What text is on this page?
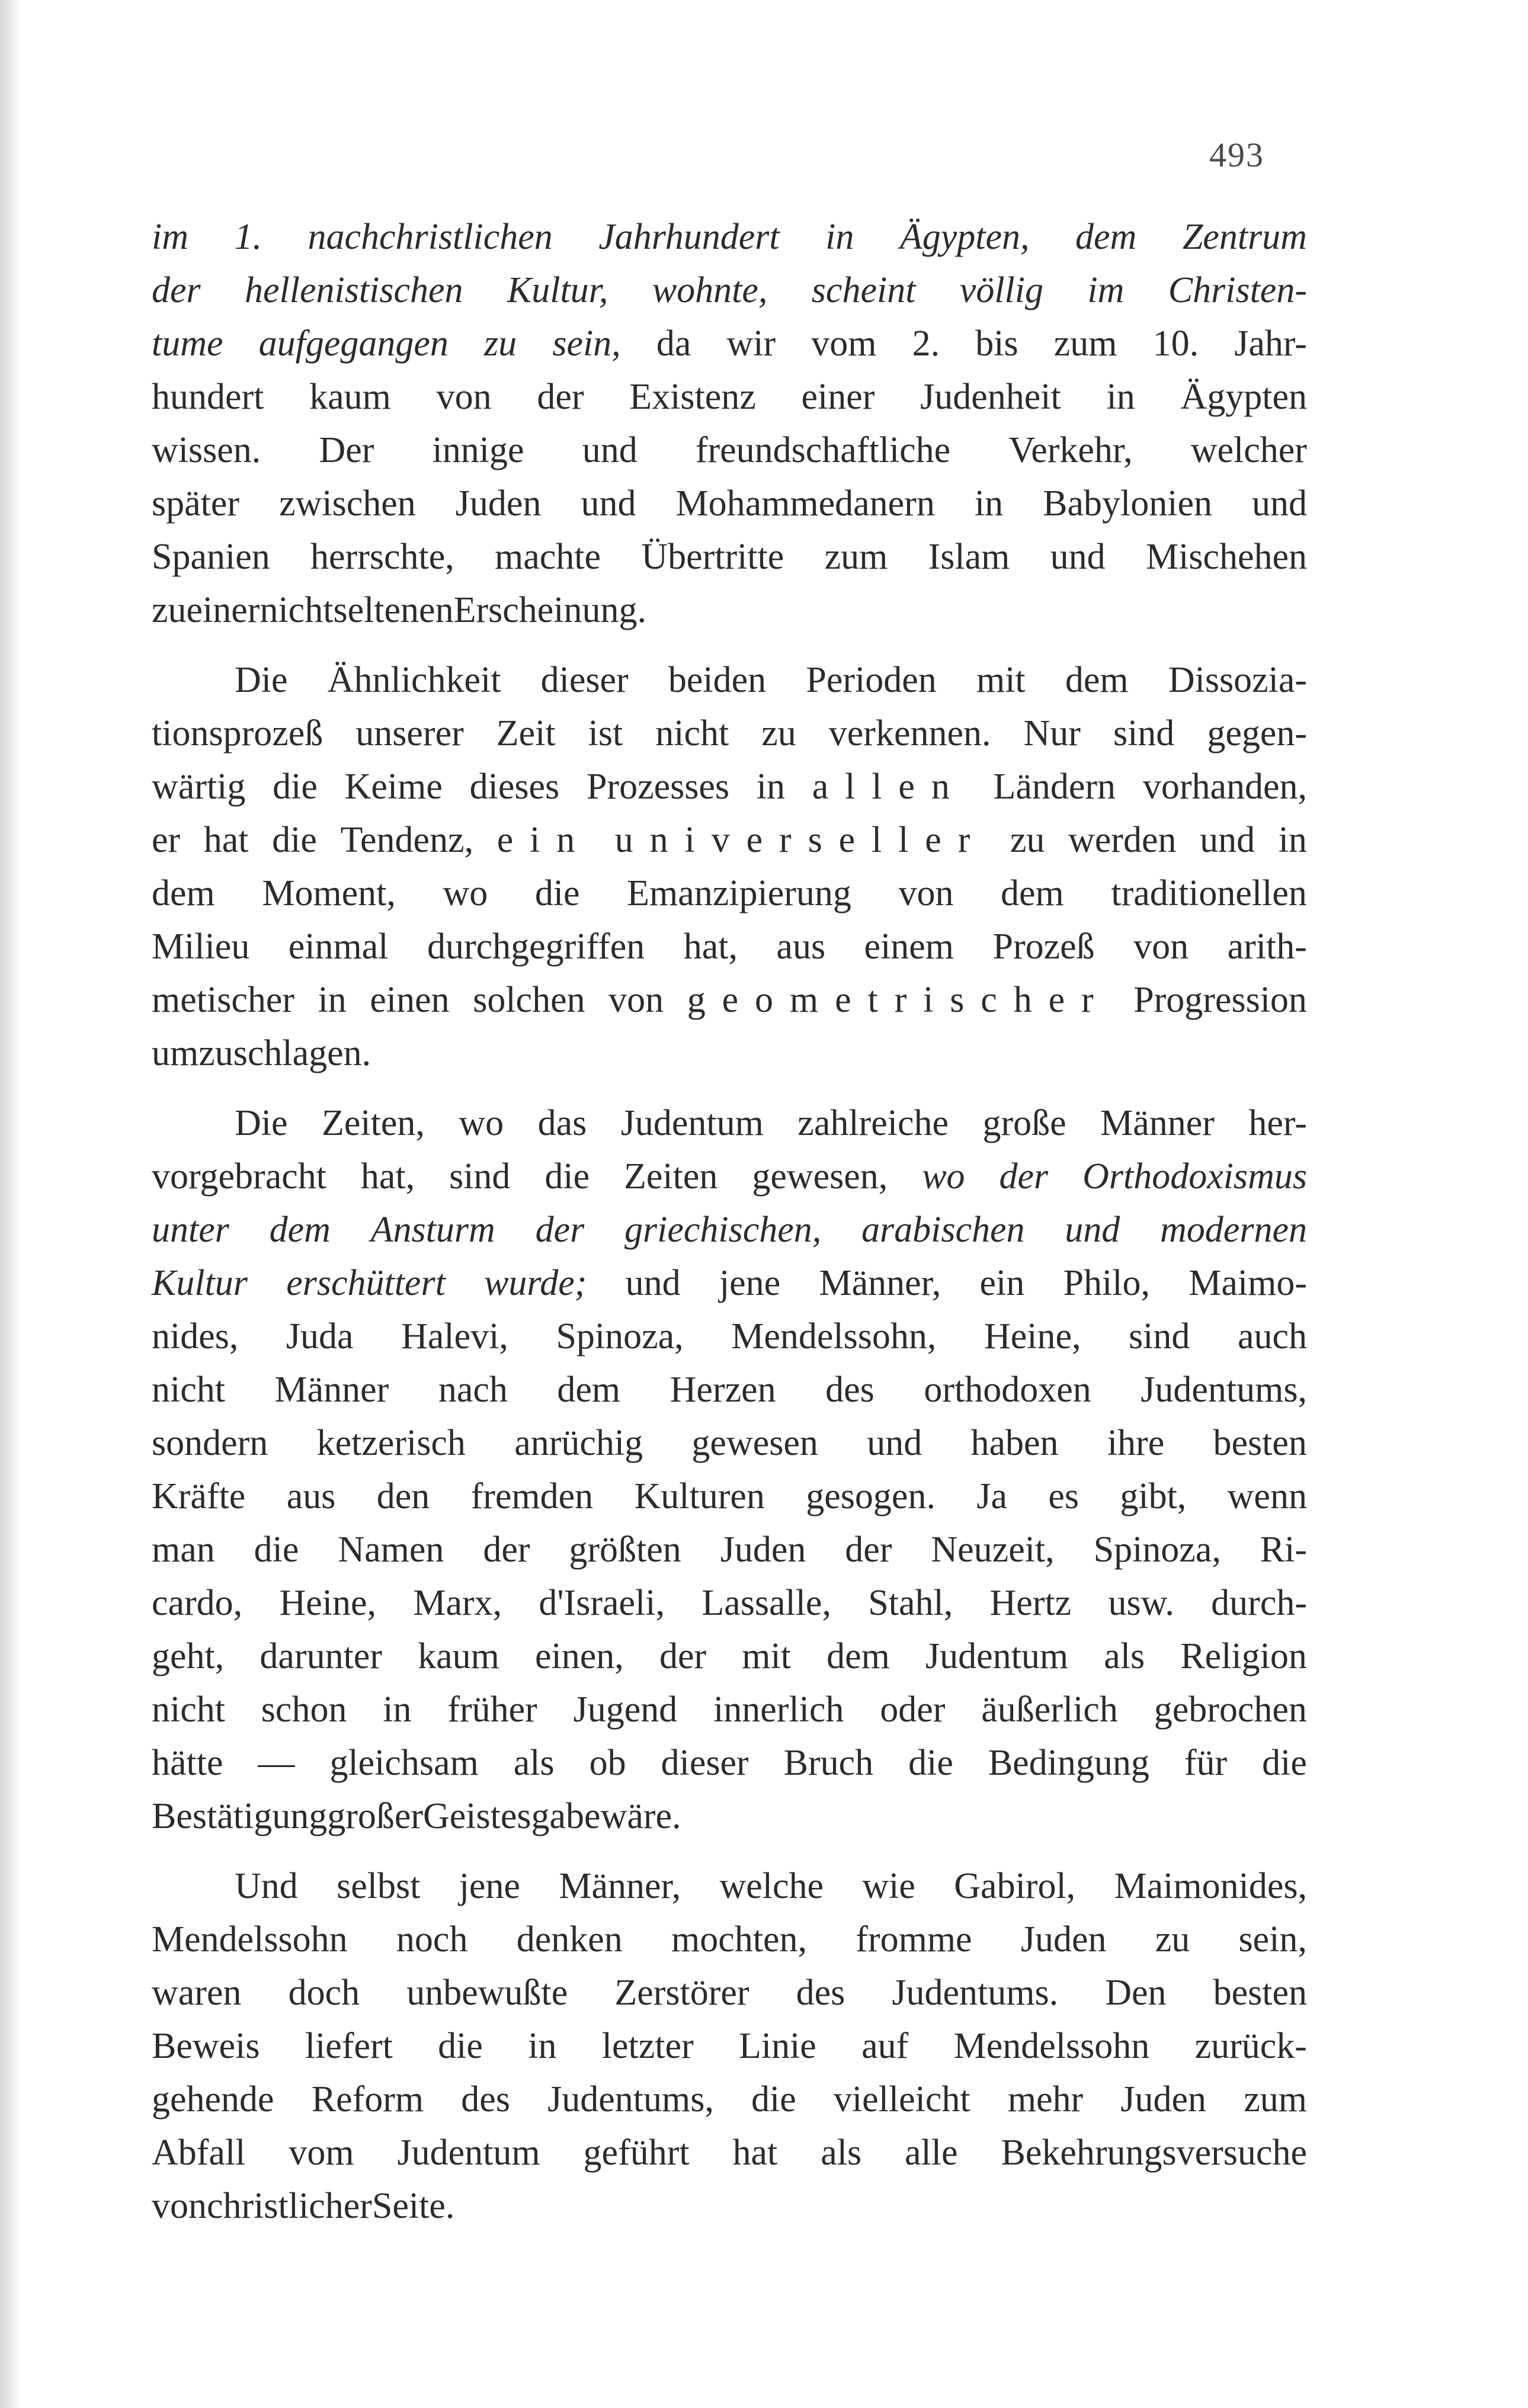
493
im 1. nachchristlichen Jahrhundert in Ägypten, dem Zentrum
der hellenistischen Kultur, wohnte, scheint völlig im Christen-
tume aufgegangen zu sein, da wir vom 2. bis zum 10. Jahr-
hundert kaum von der Existenz einer Judenheit in Ägypten
wissen. Der innige und freundschaftliche Verkehr, welcher
später zwischen Juden und Mohammedanern in Babylonien und
Spanien herrschte, machte Übertritte zum Islam und Mischehen
zu einer nicht seltenen Erscheinung.
Die Ähnlichkeit dieser beiden Perioden mit dem Dissozia-
tionsprozeß unserer Zeit ist nicht zu verkennen. Nur sind gegen-
wärtig die Keime dieses Prozesses in allen Ländern vorhanden,
er hat die Tendenz, ein universeller zu werden und in
dem Moment, wo die Emanzipierung von dem traditionellen
Milieu einmal durchgegriffen hat, aus einem Prozeß von arith-
metischer in einen solchen von geometrischer Progression
umzuschlagen.
Die Zeiten, wo das Judentum zahlreiche große Männer her-
vorgebracht hat, sind die Zeiten gewesen, wo der Orthodoxismus
unter dem Ansturm der griechischen, arabischen und modernen
Kultur erschüttert wurde; und jene Männer, ein Philo, Maimo-
nides, Juda Halevi, Spinoza, Mendelssohn, Heine, sind auch
nicht Männer nach dem Herzen des orthodoxen Judentums,
sondern ketzerisch anrüchig gewesen und haben ihre besten
Kräfte aus den fremden Kulturen gesogen. Ja es gibt, wenn
man die Namen der größten Juden der Neuzeit, Spinoza, Ri-
cardo, Heine, Marx, d'Israeli, Lassalle, Stahl, Hertz usw. durch-
geht, darunter kaum einen, der mit dem Judentum als Religion
nicht schon in früher Jugend innerlich oder äußerlich gebrochen
hätte — gleichsam als ob dieser Bruch die Bedingung für die
Bestätigung großer Geistesgabe wäre.
Und selbst jene Männer, welche wie Gabirol, Maimonides,
Mendelssohn noch denken mochten, fromme Juden zu sein,
waren doch unbewußte Zerstörer des Judentums. Den besten
Beweis liefert die in letzter Linie auf Mendelssohn zurück-
gehende Reform des Judentums, die vielleicht mehr Juden zum
Abfall vom Judentum geführt hat als alle Bekehrungsversuche
von christlicher Seite.
